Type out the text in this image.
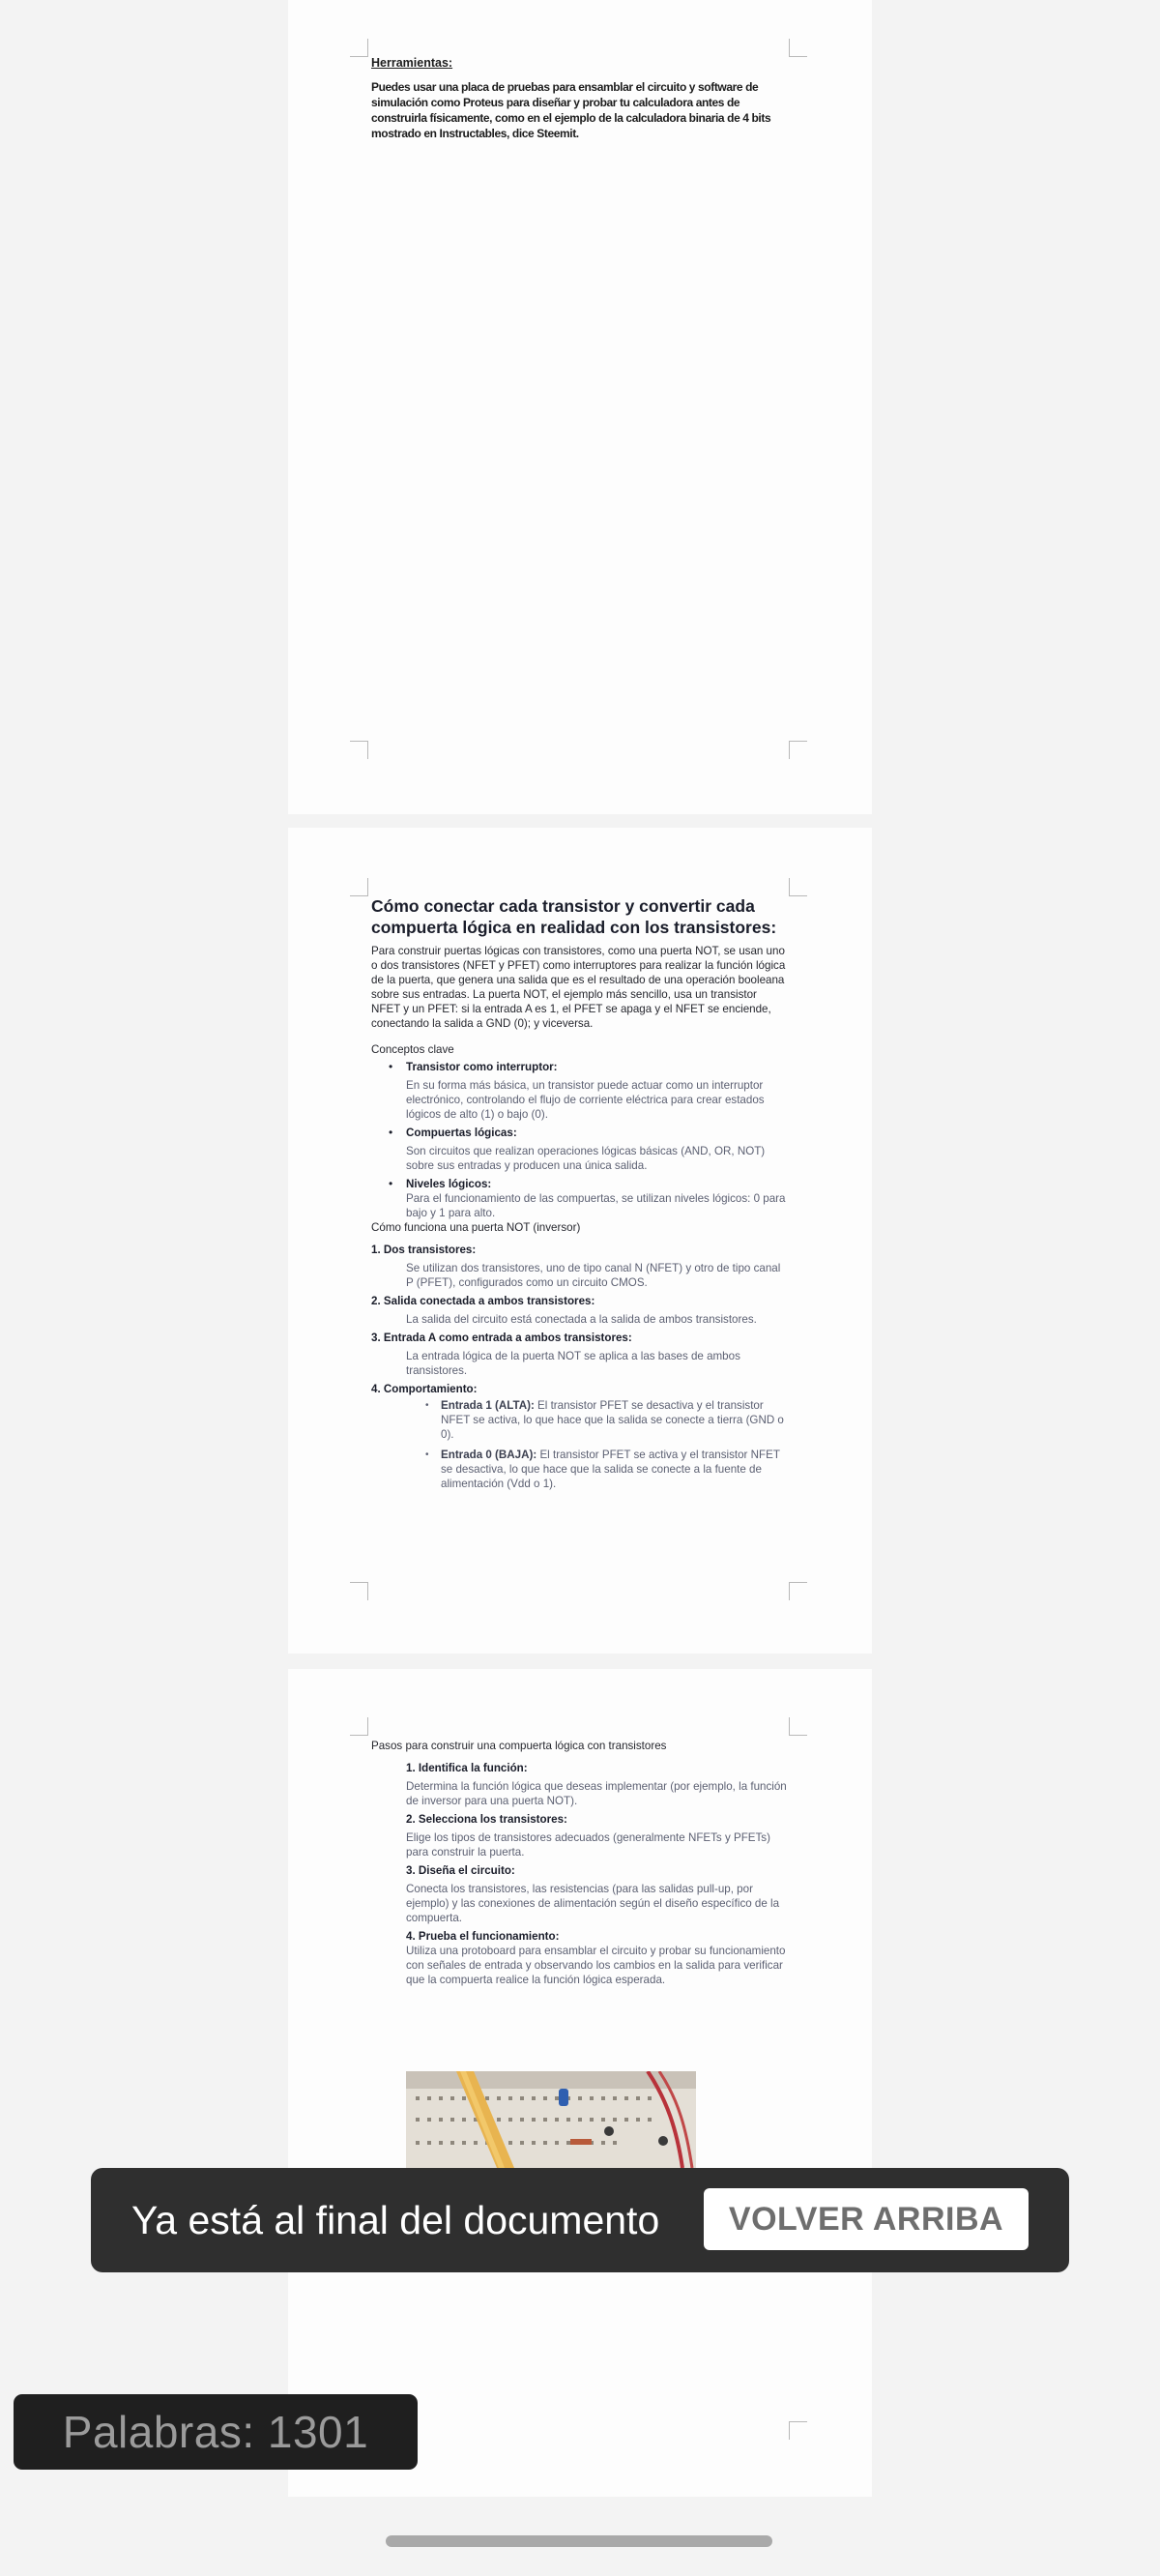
Herramientas:

Puedes usar una placa de pruebas para ensamblar el circuito y software de simulación como Proteus para diseñar y probar tu calculadora antes de construirla físicamente, como en el ejemplo de la calculadora binaria de 4 bits mostrado en Instructables, dice Steemit.

Cómo conectar cada transistor y convertir cada compuerta lógica en realidad con los transistores:

Para construir puertas lógicas con transistores, como una puerta NOT, se usan uno o dos transistores (NFET y PFET) como interruptores para realizar la función lógica de la puerta, que genera una salida que es el resultado de una operación booleana sobre sus entradas. La puerta NOT, el ejemplo más sencillo, usa un transistor NFET y un PFET: si la entrada A es 1, el PFET se apaga y el NFET se enciende, conectando la salida a GND (0); y viceversa.

Conceptos clave

• Transistor como interruptor:

En su forma más básica, un transistor puede actuar como un interruptor electrónico, controlando el flujo de corriente eléctrica para crear estados lógicos de alto (1) o bajo (0).

• Compuertas lógicas:

Son circuitos que realizan operaciones lógicas básicas (AND, OR, NOT) sobre sus entradas y producen una única salida.

• Niveles lógicos:

Para el funcionamiento de las compuertas, se utilizan niveles lógicos: 0 para bajo y 1 para alto.

Cómo funciona una puerta NOT (inversor)

1. Dos transistores:

Se utilizan dos transistores, uno de tipo canal N (NFET) y otro de tipo canal P (PFET), configurados como un circuito CMOS.

2. Salida conectada a ambos transistores:

La salida del circuito está conectada a la salida de ambos transistores.

3. Entrada A como entrada a ambos transistores:

La entrada lógica de la puerta NOT se aplica a las bases de ambos transistores.

4. Comportamiento:

• Entrada 1 (ALTA): El transistor PFET se desactiva y el transistor NFET se activa, lo que hace que la salida se conecte a tierra (GND o 0).

• Entrada 0 (BAJA): El transistor PFET se activa y el transistor NFET se desactiva, lo que hace que la salida se conecte a la fuente de alimentación (Vdd o 1).

Pasos para construir una compuerta lógica con transistores

1. Identifica la función:

Determina la función lógica que deseas implementar (por ejemplo, la función de inversor para una puerta NOT).

2. Selecciona los transistores:

Elige los tipos de transistores adecuados (generalmente NFETs y PFETs) para construir la puerta.

3. Diseña el circuito:

Conecta los transistores, las resistencias (para las salidas pull-up, por ejemplo) y las conexiones de alimentación según el diseño específico de la compuerta.

4. Prueba el funcionamiento:

Utiliza una protoboard para ensamblar el circuito y probar su funcionamiento con señales de entrada y observando los cambios en la salida para verificar que la compuerta realice la función lógica esperada.

Ya está al final del documento	VOLVER ARRIBA
Palabras: 1301
